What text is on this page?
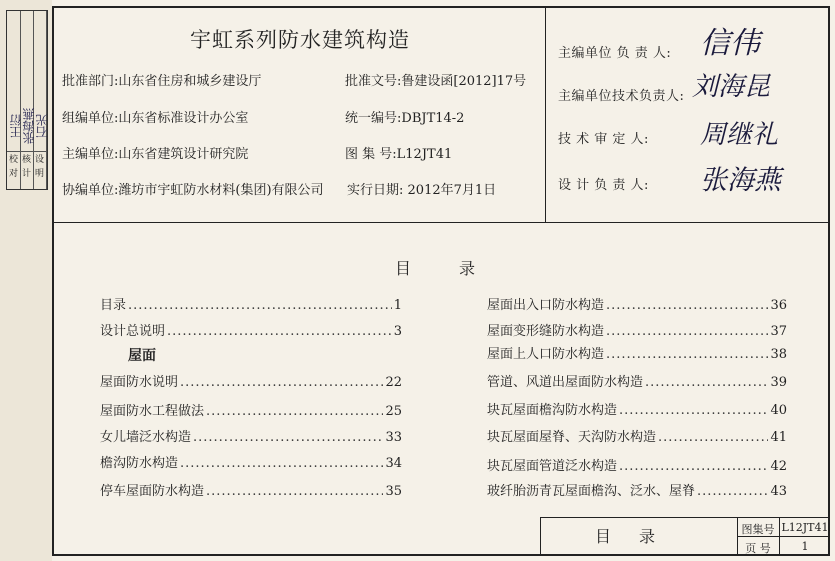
校
对
王衍
核
计
张海燕
设
明
石光
宇虹系列防水建筑构造
批准部门:山东省住房和城乡建设厅
组编单位:山东省标准设计办公室
主编单位:山东省建筑设计研究院
协编单位:潍坊市宇虹防水材料(集团)有限公司
批准文号:鲁建设函[2012]17号
统一编号:DBJT14-2
图 集 号:L12JT41
实行日期: 2012年7月1日
主编单位 负 责 人: 信伟
主编单位技术负责人: 刘海昆
技 术 审 定 人: 周继礼
设 计 负 责 人: 张海燕
目录
目录 .....	1
设计总说明 .....	3
屋面
屋面防水说明 .....	22
屋面防水工程做法 .....	25
女儿墙泛水构造 .....	33
檐沟防水构造 .....	34
停车屋面防水构造 .....	35
屋面出入口防水构造 .....	36
屋面变形缝防水构造 .....	37
屋面上人口防水构造 .....	38
管道、风道出屋面防水构造 .....	39
块瓦屋面檐沟防水构造 .....	40
块瓦屋面屋脊、天沟防水构造 .....	41
块瓦屋面管道泛水构造 .....	42
玻纤胎沥青瓦屋面檐沟、泛水、屋脊 .....	43
目录	图集号 L12JT41
页 号	1
